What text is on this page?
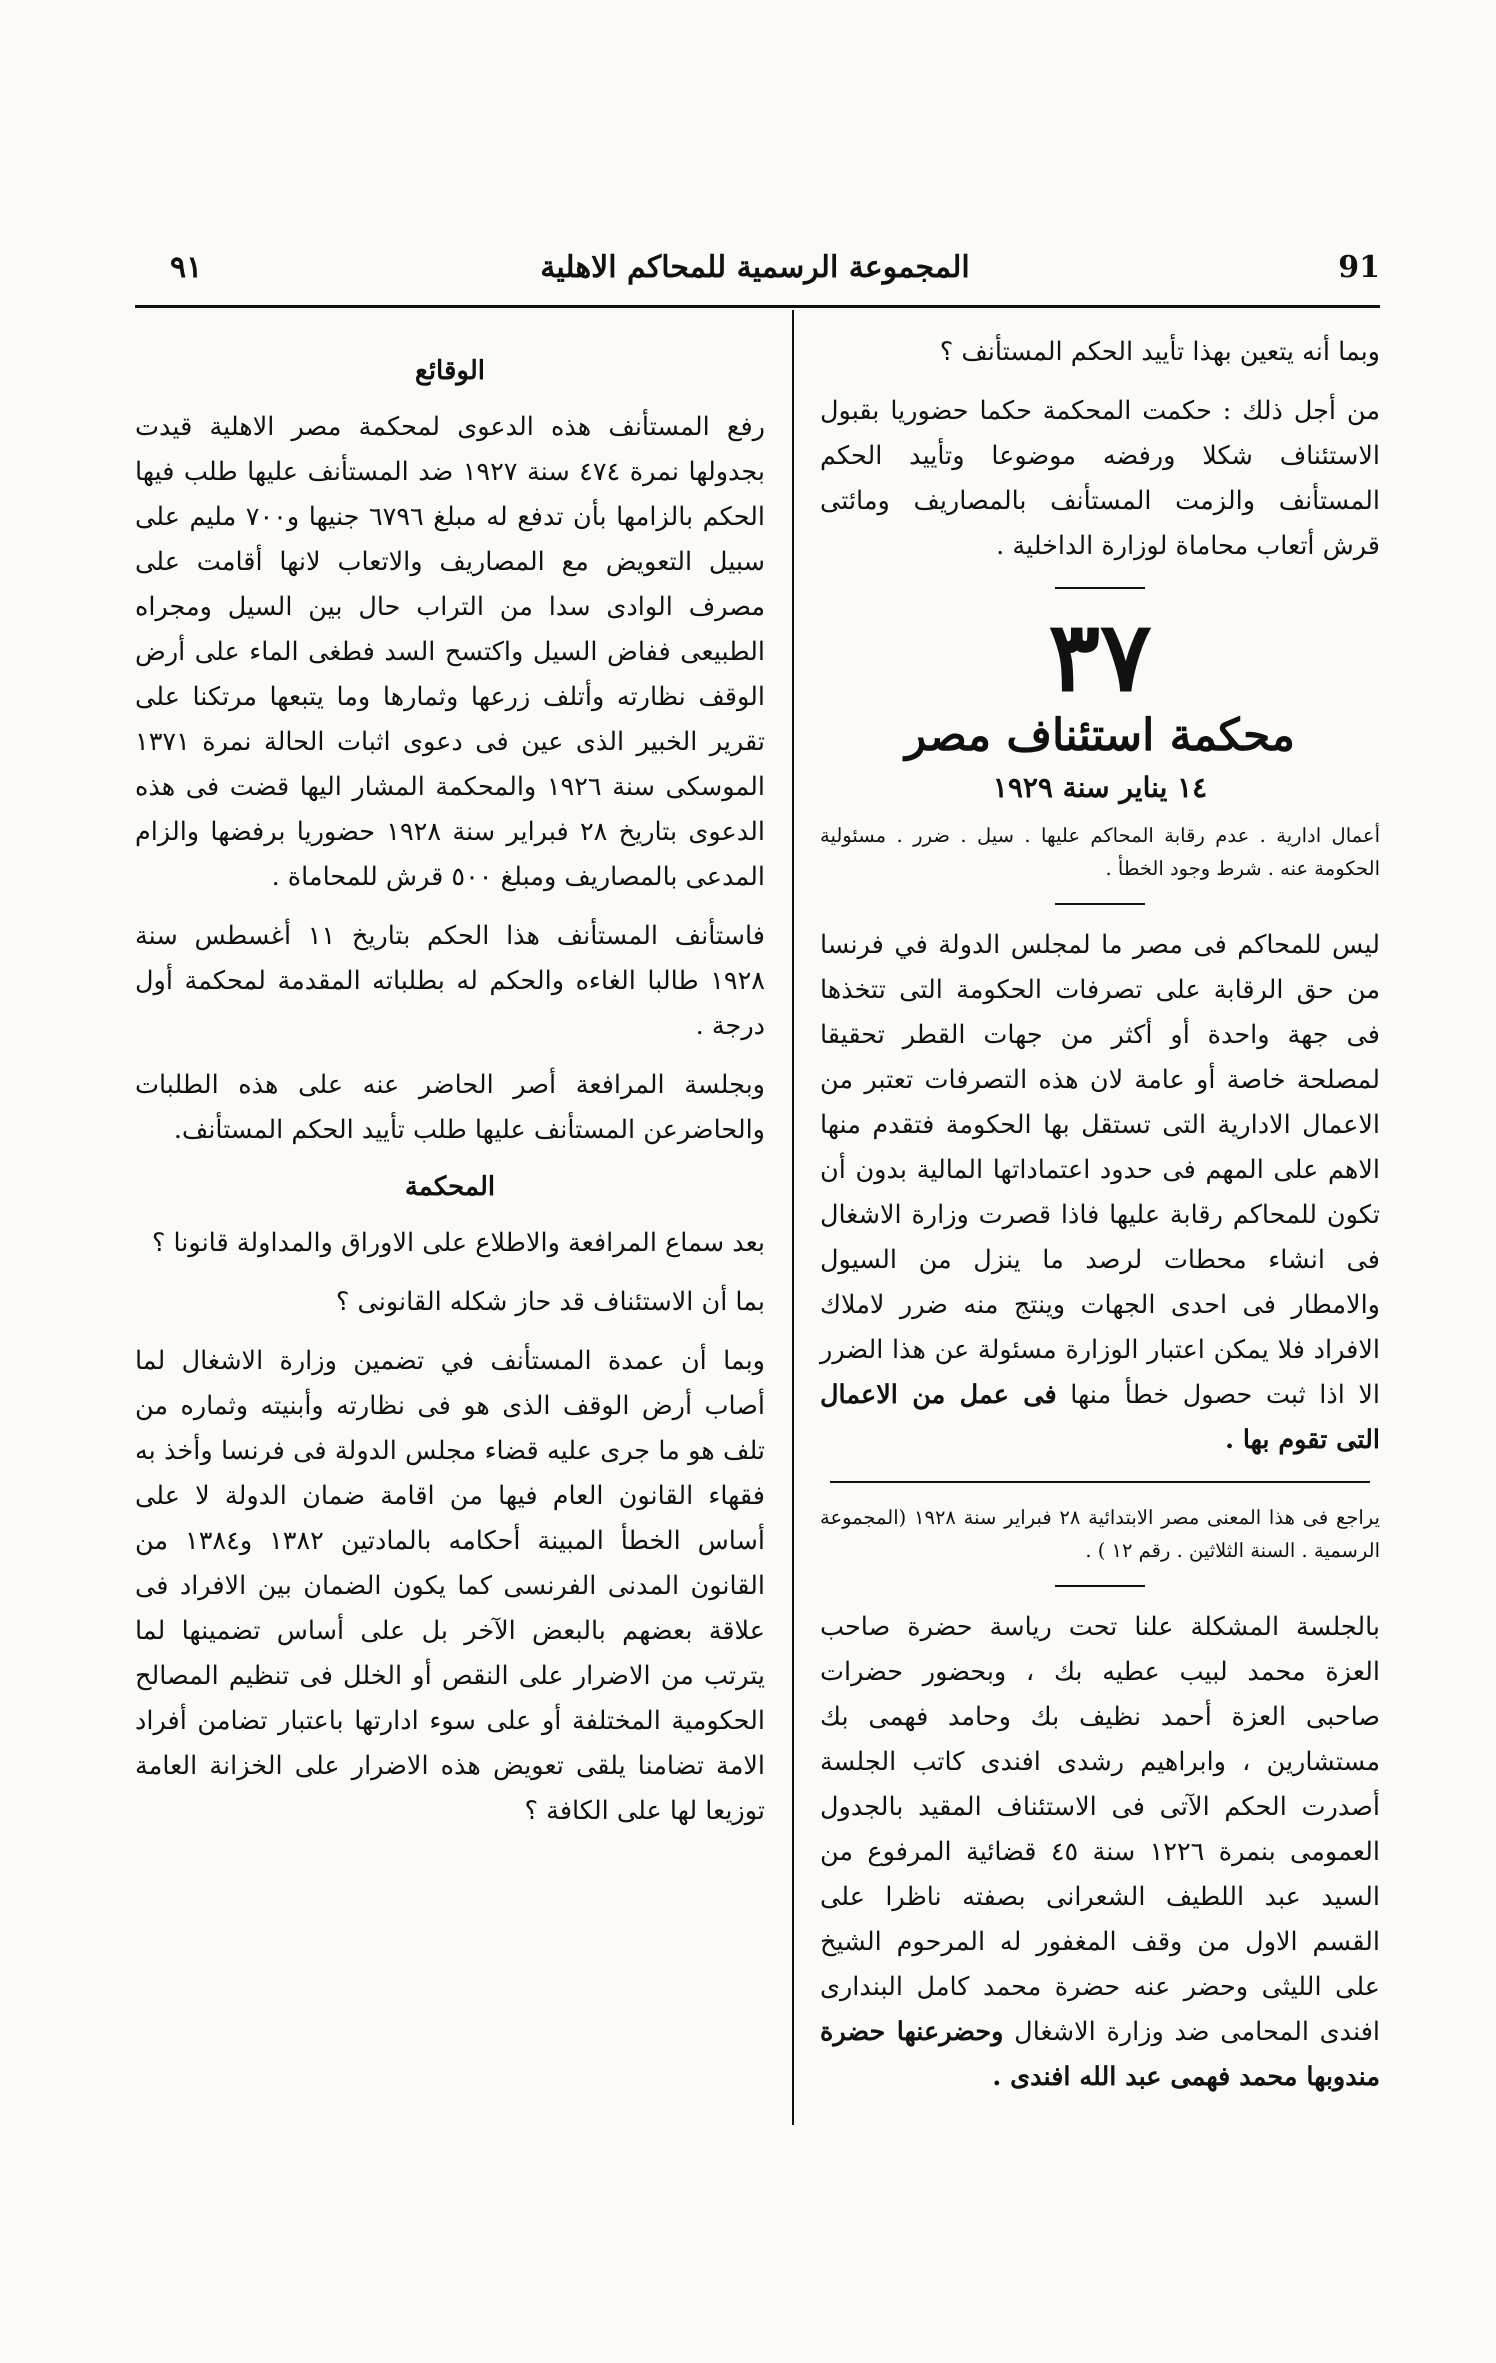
91
المجموعة الرسمية للمحاكم الاهلية
٩١

وبما أنه يتعين بهذا تأييد الحكم المستأنف ؟

من أجل ذلك : حكمت المحكمة حكما حضوريا بقبول الاستئناف شكلا ورفضه موضوعا وتأييد الحكم المستأنف والزمت المستأنف بالمصاريف ومائتى قرش أتعاب محاماة لوزارة الداخلية .

٣٧
محكمة استئناف مصر
١٤ يناير سنة ١٩٢٩

أعمال ادارية . عدم رقابة المحاكم عليها . سيل . ضرر . مسئولية الحكومة عنه . شرط وجود الخطأ .

ليس للمحاكم فى مصر ما لمجلس الدولة في فرنسا من حق الرقابة على تصرفات الحكومة التى تتخذها فى جهة واحدة أو أكثر من جهات القطر تحقيقا لمصلحة خاصة أو عامة لان هذه التصرفات تعتبر من الاعمال الادارية التى تستقل بها الحكومة فتقدم منها الاهم على المهم فى حدود اعتماداتها المالية بدون أن تكون للمحاكم رقابة عليها فاذا قصرت وزارة الاشغال فى انشاء محطات لرصد ما ينزل من السيول والامطار فى احدى الجهات وينتج منه ضرر لاملاك الافراد فلا يمكن اعتبار الوزارة مسئولة عن هذا الضرر الا اذا ثبت حصول خطأ منها فى عمل من الاعمال التى تقوم بها .

يراجع فى هذا المعنى مصر الابتدائية ٢٨ فبراير سنة ١٩٢٨ (المجموعة الرسمية . السنة الثلاثين . رقم ١٢ ) .

بالجلسة المشكلة علنا تحت رياسة حضرة صاحب العزة محمد لبيب عطيه بك ، وبحضور حضرات صاحبى العزة أحمد نظيف بك وحامد فهمى بك مستشارين ، وابراهيم رشدى افندى كاتب الجلسة أصدرت الحكم الآتى فى الاستئناف المقيد بالجدول العمومى بنمرة ١٢٢٦ سنة ٤٥ قضائية المرفوع من السيد عبد اللطيف الشعرانى بصفته ناظرا على القسم الاول من وقف المغفور له المرحوم الشيخ على الليثى وحضر عنه حضرة محمد كامل البندارى افندى المحامى ضد وزارة الاشغال وحضرعنها حضرة مندوبها محمد فهمى عبد الله افندى .

الوقائع

رفع المستأنف هذه الدعوى لمحكمة مصر الاهلية قيدت بجدولها نمرة ٤٧٤ سنة ١٩٢٧ ضد المستأنف عليها طلب فيها الحكم بالزامها بأن تدفع له مبلغ ٦٧٩٦ جنيها و٧٠٠ مليم على سبيل التعويض مع المصاريف والاتعاب لانها أقامت على مصرف الوادى سدا من التراب حال بين السيل ومجراه الطبيعى ففاض السيل واكتسح السد فطغى الماء على أرض الوقف نظارته وأتلف زرعها وثمارها وما يتبعها مرتكنا على تقرير الخبير الذى عين فى دعوى اثبات الحالة نمرة ١٣٧١ الموسكى سنة ١٩٢٦ والمحكمة المشار اليها قضت فى هذه الدعوى بتاريخ ٢٨ فبراير سنة ١٩٢٨ حضوريا برفضها والزام المدعى بالمصاريف ومبلغ ٥٠٠ قرش للمحاماة .

فاستأنف المستأنف هذا الحكم بتاريخ ١١ أغسطس سنة ١٩٢٨ طالبا الغاءه والحكم له بطلباته المقدمة لمحكمة أول درجة .

وبجلسة المرافعة أصر الحاضر عنه على هذه الطلبات والحاضرعن المستأنف عليها طلب تأييد الحكم المستأنف.

المحكمة

بعد سماع المرافعة والاطلاع على الاوراق والمداولة قانونا ؟

بما أن الاستئناف قد حاز شكله القانونى ؟

وبما أن عمدة المستأنف في تضمين وزارة الاشغال لما أصاب أرض الوقف الذى هو فى نظارته وأبنيته وثماره من تلف هو ما جرى عليه قضاء مجلس الدولة فى فرنسا وأخذ به فقهاء القانون العام فيها من اقامة ضمان الدولة لا على أساس الخطأ المبينة أحكامه بالمادتين ١٣٨٢ و١٣٨٤ من القانون المدنى الفرنسى كما يكون الضمان بين الافراد فى علاقة بعضهم بالبعض الآخر بل على أساس تضمينها لما يترتب من الاضرار على النقص أو الخلل فى تنظيم المصالح الحكومية المختلفة أو على سوء ادارتها باعتبار تضامن أفراد الامة تضامنا يلقى تعويض هذه الاضرار على الخزانة العامة توزيعا لها على الكافة ؟
